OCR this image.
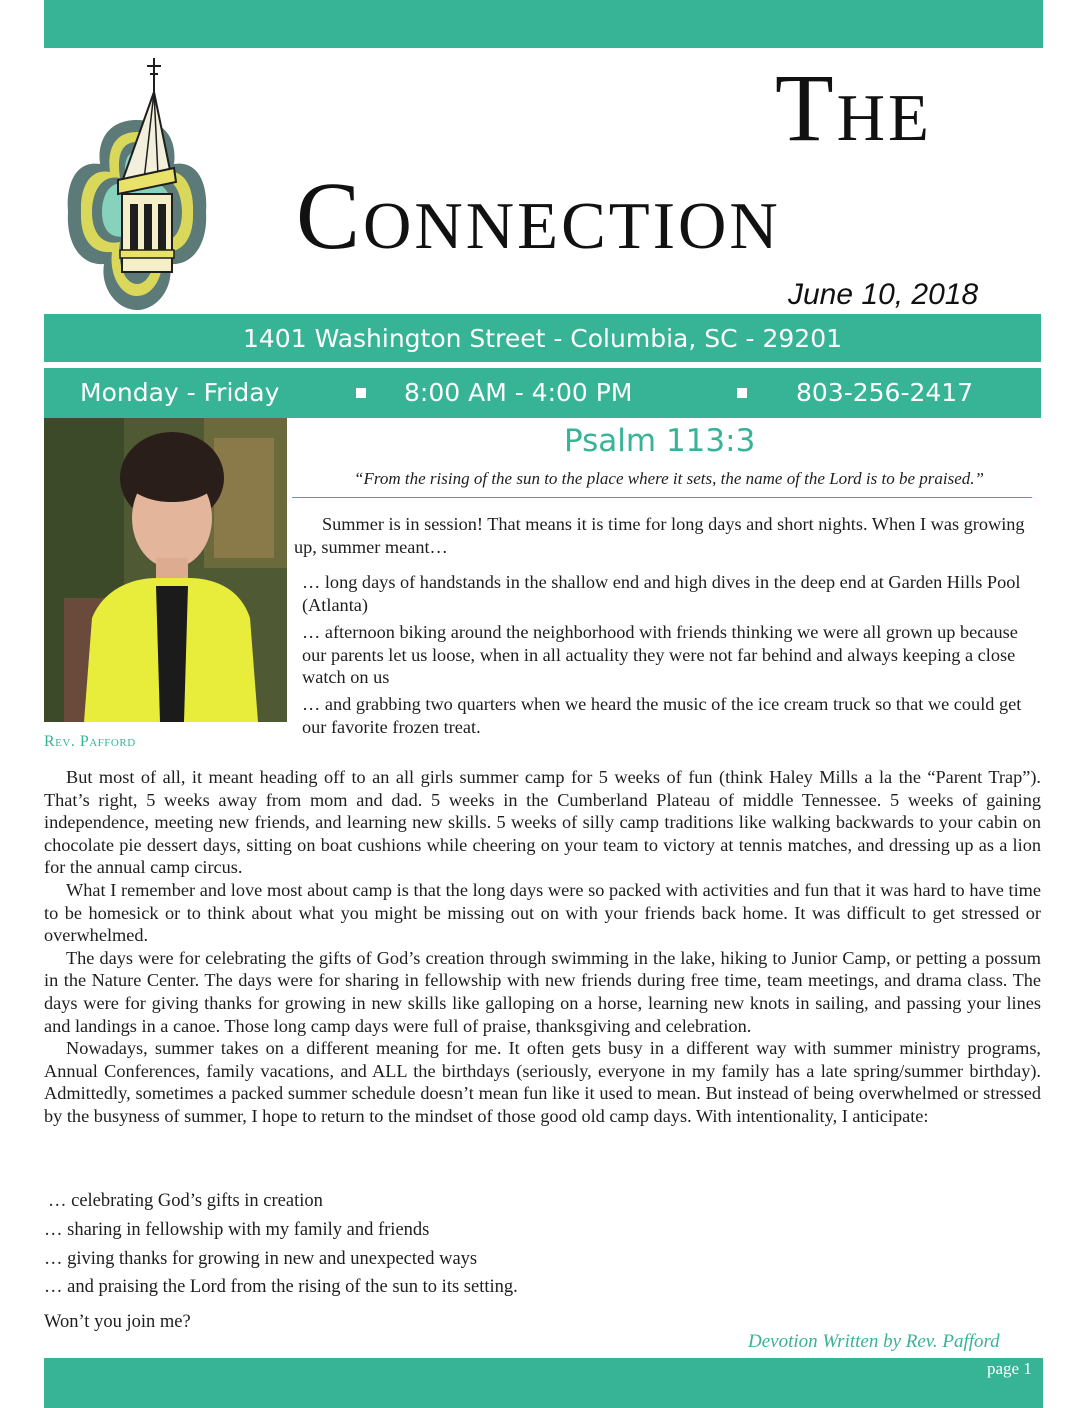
The
Connection
June 10, 2018
1401 Washington Street - Columbia, SC - 29201
Monday - Friday	8:00 AM - 4:00 PM	803-256-2417
Rev. Pafford
Psalm 113:3
“From the rising of the sun to the place where it sets, the name of the Lord is to be praised.”
Summer is in session! That means it is time for long days and short nights. When I was growing up, summer meant…
… long days of handstands in the shallow end and high dives in the deep end at Garden Hills Pool (Atlanta)
… afternoon biking around the neighborhood with friends thinking we were all grown up because our parents let us loose, when in all actuality they were not far behind and always keeping a close watch on us
… and grabbing two quarters when we heard the music of the ice cream truck so that we could get our favorite frozen treat.

But most of all, it meant heading off to an all girls summer camp for 5 weeks of fun (think Haley Mills a la the “Parent Trap”). That’s right, 5 weeks away from mom and dad. 5 weeks in the Cumberland Plateau of middle Tennessee. 5 weeks of gaining independence, meeting new friends, and learning new skills. 5 weeks of silly camp traditions like walking backwards to your cabin on chocolate pie dessert days, sitting on boat cushions while cheering on your team to victory at tennis matches, and dressing up as a lion for the annual camp circus.

What I remember and love most about camp is that the long days were so packed with activities and fun that it was hard to have time to be homesick or to think about what you might be missing out on with your friends back home. It was difficult to get stressed or overwhelmed.

The days were for celebrating the gifts of God’s creation through swimming in the lake, hiking to Junior Camp, or petting a possum in the Nature Center. The days were for sharing in fellowship with new friends during free time, team meetings, and drama class. The days were for giving thanks for growing in new skills like galloping on a horse, learning new knots in sailing, and passing your lines and landings in a canoe. Those long camp days were full of praise, thanksgiving and celebration.

Nowadays, summer takes on a different meaning for me. It often gets busy in a different way with summer ministry programs, Annual Conferences, family vacations, and ALL the birthdays (seriously, everyone in my family has a late spring/summer birthday). Admittedly, sometimes a packed summer schedule doesn’t mean fun like it used to mean. But instead of being overwhelmed or stressed by the busyness of summer, I hope to return to the mindset of those good old camp days. With intentionality, I anticipate:

… celebrating God’s gifts in creation
… sharing in fellowship with my family and friends
… giving thanks for growing in new and unexpected ways
… and praising the Lord from the rising of the sun to its setting.
Won’t you join me?
Devotion Written by Rev. Pafford
page 1
